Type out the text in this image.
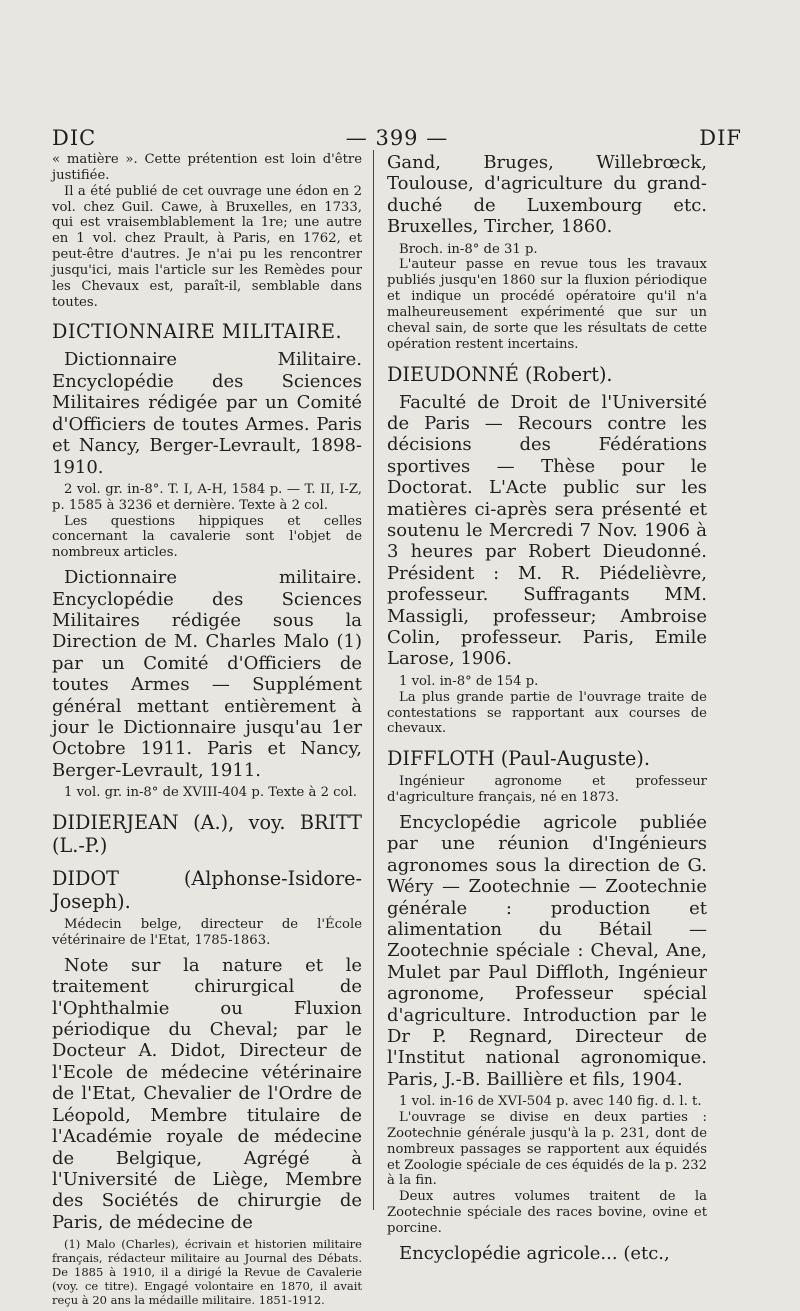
DIC	— 399 —	DIF

« matière ». Cette prétention est loin d'être justifiée.

Il a été publié de cet ouvrage une édon en 2 vol. chez Guil. Cawe, à Bruxelles, en 1733, qui est vraisemblablement la 1re; une autre en 1 vol. chez Prault, à Paris, en 1762, et peut-être d'autres. Je n'ai pu les rencontrer jusqu'ici, mais l'article sur les Remèdes pour les Chevaux est, paraît-il, semblable dans toutes.

DICTIONNAIRE MILITAIRE.

Dictionnaire Militaire. Encyclopédie des Sciences Militaires rédigée par un Comité d'Officiers de toutes Armes. Paris et Nancy, Berger-Levrault, 1898-1910.

2 vol. gr. in-8°. T. I, A-H, 1584 p. — T. II, I-Z, p. 1585 à 3236 et dernière. Texte à 2 col.

Les questions hippiques et celles concernant la cavalerie sont l'objet de nombreux articles.

Dictionnaire militaire. Encyclopédie des Sciences Militaires rédigée sous la Direction de M. Charles Malo (1) par un Comité d'Officiers de toutes Armes — Supplément général mettant entièrement à jour le Dictionnaire jusqu'au 1er Octobre 1911. Paris et Nancy, Berger-Levrault, 1911.

1 vol. gr. in-8° de XVIII-404 p. Texte à 2 col.

DIDIERJEAN (A.), voy. BRITT (L.-P.)

DIDOT (Alphonse-Isidore-Joseph).

Médecin belge, directeur de l'École vétérinaire de l'Etat, 1785-1863.

Note sur la nature et le traitement chirurgical de l'Ophthalmie ou Fluxion périodique du Cheval; par le Docteur A. Didot, Directeur de l'Ecole de médecine vétérinaire de l'Etat, Chevalier de l'Ordre de Léopold, Membre titulaire de l'Académie royale de médecine de Belgique, Agrégé à l'Université de Liège, Membre des Sociétés de chirurgie de Paris, de médecine de

(1) Malo (Charles), écrivain et historien militaire français, rédacteur militaire au Journal des Débats. De 1885 à 1910, il a dirigé la Revue de Cavalerie (voy. ce titre). Engagé volontaire en 1870, il avait reçu à 20 ans la médaille militaire. 1851-1912.

Gand, Bruges, Willebrœck, Toulouse, d'agriculture du grand-duché de Luxembourg etc. Bruxelles, Tircher, 1860.

Broch. in-8° de 31 p.

L'auteur passe en revue tous les travaux publiés jusqu'en 1860 sur la fluxion périodique et indique un procédé opératoire qu'il n'a malheureusement expérimenté que sur un cheval sain, de sorte que les résultats de cette opération restent incertains.

DIEUDONNÉ (Robert).

Faculté de Droit de l'Université de Paris — Recours contre les décisions des Fédérations sportives — Thèse pour le Doctorat. L'Acte public sur les matières ci-après sera présenté et soutenu le Mercredi 7 Nov. 1906 à 3 heures par Robert Dieudonné. Président : M. R. Piédelièvre, professeur. Suffragants MM. Massigli, professeur; Ambroise Colin, professeur. Paris, Emile Larose, 1906.

1 vol. in-8° de 154 p.

La plus grande partie de l'ouvrage traite de contestations se rapportant aux courses de chevaux.

DIFFLOTH (Paul-Auguste).

Ingénieur agronome et professeur d'agriculture français, né en 1873.

Encyclopédie agricole publiée par une réunion d'Ingénieurs agronomes sous la direction de G. Wéry — Zootechnie — Zootechnie générale : production et alimentation du Bétail — Zootechnie spéciale : Cheval, Ane, Mulet par Paul Diffloth, Ingénieur agronome, Professeur spécial d'agriculture. Introduction par le Dr P. Regnard, Directeur de l'Institut national agronomique. Paris, J.-B. Baillière et fils, 1904.

1 vol. in-16 de XVI-504 p. avec 140 fig. d. l. t.

L'ouvrage se divise en deux parties : Zootechnie générale jusqu'à la p. 231, dont de nombreux passages se rapportent aux équidés et Zoologie spéciale de ces équidés de la p. 232 à la fin.

Deux autres volumes traitent de la Zootechnie spéciale des races bovine, ovine et porcine.

Encyclopédie agricole... (etc.,
